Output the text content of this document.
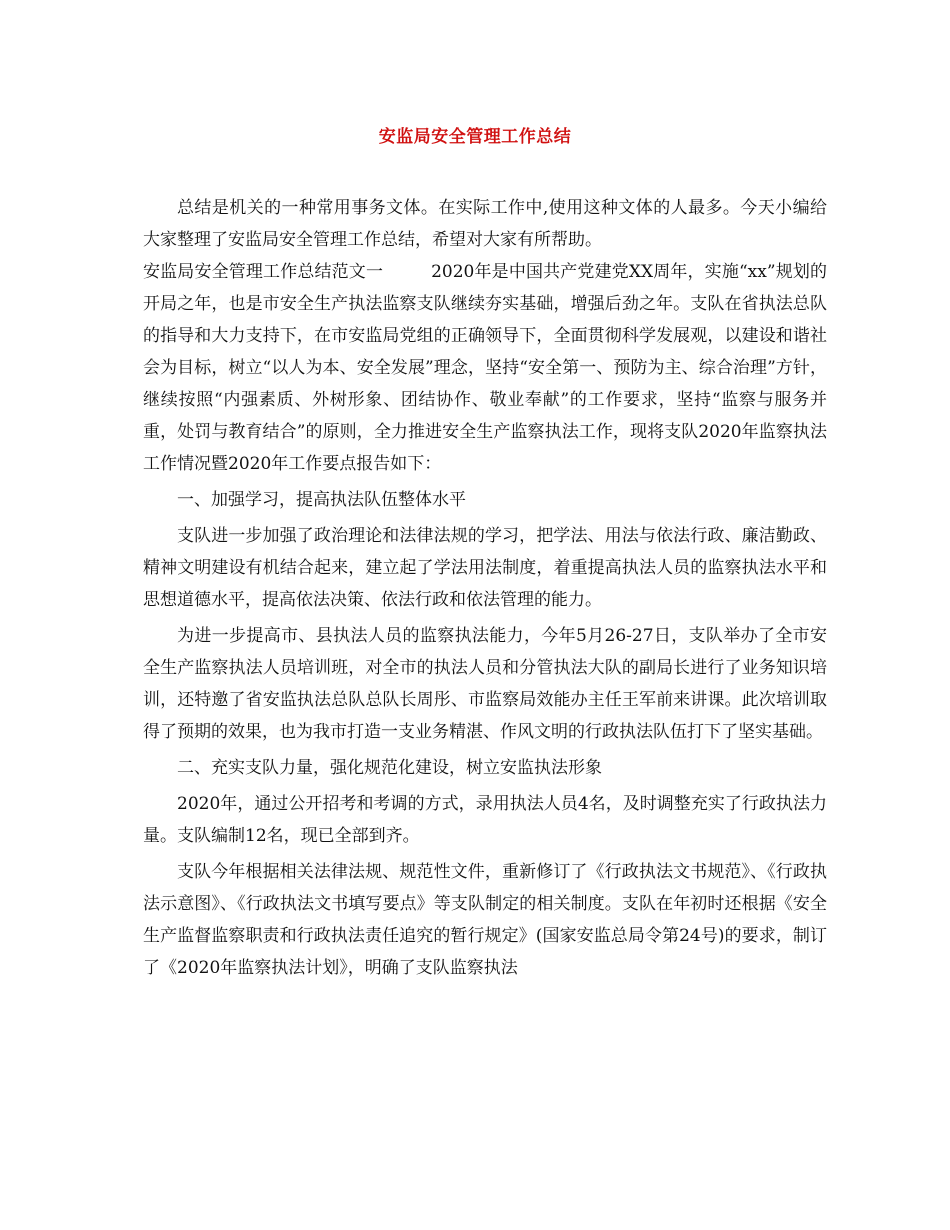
安监局安全管理工作总结

总结是机关的一种常用事务文体。在实际工作中,使用这种文体的人最多。今天小编给大家整理了安监局安全管理工作总结，希望对大家有所帮助。

安监局安全管理工作总结范文一	2020年是中国共产党建党XX周年，实施“xx”规划的开局之年，也是市安全生产执法监察支队继续夯实基础，增强后劲之年。支队在省执法总队的指导和大力支持下，在市安监局党组的正确领导下，全面贯彻科学发展观，以建设和谐社会为目标，树立“以人为本、安全发展”理念，坚持“安全第一、预防为主、综合治理”方针，继续按照“内强素质、外树形象、团结协作、敬业奉献”的工作要求，坚持“监察与服务并重，处罚与教育结合”的原则，全力推进安全生产监察执法工作，现将支队2020年监察执法工作情况暨2020年工作要点报告如下：

一、加强学习，提高执法队伍整体水平

支队进一步加强了政治理论和法律法规的学习，把学法、用法与依法行政、廉洁勤政、精神文明建设有机结合起来，建立起了学法用法制度，着重提高执法人员的监察执法水平和思想道德水平，提高依法决策、依法行政和依法管理的能力。

为进一步提高市、县执法人员的监察执法能力，今年5月26-27日，支队举办了全市安全生产监察执法人员培训班，对全市的执法人员和分管执法大队的副局长进行了业务知识培训，还特邀了省安监执法总队总队长周彤、市监察局效能办主任王军前来讲课。此次培训取得了预期的效果，也为我市打造一支业务精湛、作风文明的行政执法队伍打下了坚实基础。

二、充实支队力量，强化规范化建设，树立安监执法形象

2020年，通过公开招考和考调的方式，录用执法人员4名，及时调整充实了行政执法力量。支队编制12名，现已全部到齐。

支队今年根据相关法律法规、规范性文件，重新修订了《行政执法文书规范》、《行政执法示意图》、《行政执法文书填写要点》等支队制定的相关制度。支队在年初时还根据《安全生产监督监察职责和行政执法责任追究的暂行规定》(国家安监总局令第24号)的要求，制订了《2020年监察执法计划》，明确了支队监察执法
